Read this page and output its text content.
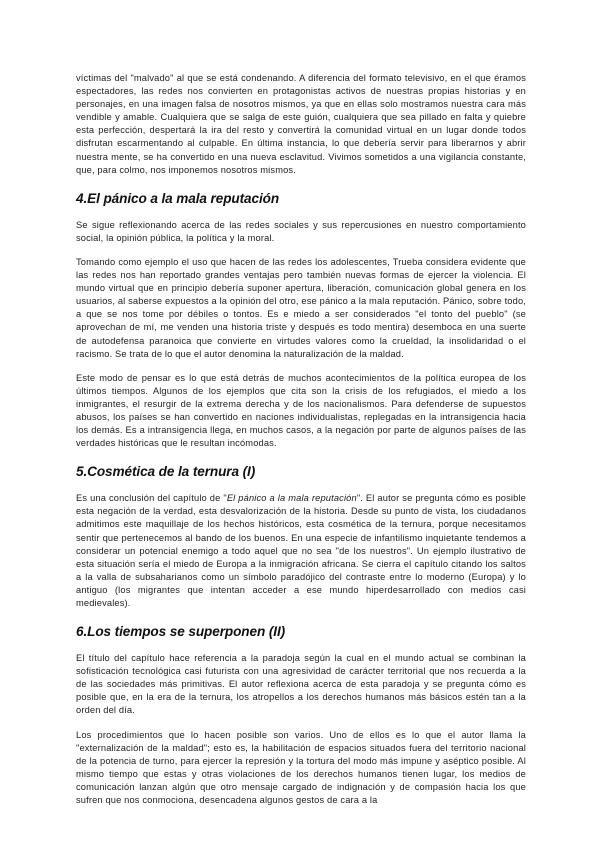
víctimas del "malvado" al que se está condenando. A diferencia del formato televisivo, en el que éramos espectadores, las redes nos convierten en protagonistas activos de nuestras propias historias y en personajes, en una imagen falsa de nosotros mismos, ya que en ellas solo mostramos nuestra cara más vendible y amable. Cualquiera que se salga de este guión, cualquiera que sea pillado en falta y quiebre esta perfección, despertará la ira del resto y convertirá la comunidad virtual en un lugar donde todos disfrutan escarmentando al culpable. En última instancia, lo que debería servir para liberarnos y abrir nuestra mente, se ha convertido en una nueva esclavitud. Vivimos sometidos a una vigilancia constante, que, para colmo, nos imponemos nosotros mismos.

4.El pánico a la mala reputación

Se sigue reflexionando acerca de las redes sociales y sus repercusiones en nuestro comportamiento social, la opinión pública, la política y la moral.

Tomando como ejemplo el uso que hacen de las redes los adolescentes, Trueba considera evidente que las redes nos han reportado grandes ventajas pero también nuevas formas de ejercer la violencia. El mundo virtual que en principio debería suponer apertura, liberación, comunicación global genera en los usuarios, al saberse expuestos a la opinión del otro, ese pánico a la mala reputación. Pánico, sobre todo, a que se nos tome por débiles o tontos. Es e miedo a ser considerados "el tonto del pueblo" (se aprovechan de mí, me venden una historia triste y después es todo mentira) desemboca en una suerte de autodefensa paranoica que convierte en virtudes valores como la crueldad, la insolidaridad o el racismo. Se trata de lo que el autor denomina la naturalización de la maldad.

Este modo de pensar es lo que está detrás de muchos acontecimientos de la política europea de los últimos tiempos. Algunos de los ejemplos que cita son la crisis de los refugiados, el miedo a los inmigrantes, el resurgir de la extrema derecha y de los nacionalismos. Para defenderse de supuestos abusos, los países se han convertido en naciones individualistas, replegadas en la intransigencia hacia los demás. Es a intransigencia llega, en muchos casos, a la negación por parte de algunos países de las verdades históricas que le resultan incómodas.

5.Cosmética de la ternura (I)

Es una conclusión del capítulo de "El pánico a la mala reputación". El autor se pregunta cómo es posible esta negación de la verdad, esta desvalorización de la historia. Desde su punto de vista, los ciudadanos admitimos este maquillaje de los hechos históricos, esta cosmética de la ternura, porque necesitamos sentir que pertenecemos al bando de los buenos. En una especie de infantilismo inquietante tendemos a considerar un potencial enemigo a todo aquel que no sea "de los nuestros". Un ejemplo ilustrativo de esta situación sería el miedo de Europa a la inmigración africana. Se cierra el capítulo citando los saltos a la valla de subsaharianos como un símbolo paradójico del contraste entre lo moderno (Europa) y lo antiguo (los migrantes que intentan acceder a ese mundo hiperdesarrollado con medios casi medievales).

6.Los tiempos se superponen (II)

El título del capítulo hace referencia a la paradoja según la cual en el mundo actual se combinan la sofisticación tecnológica casi futurista con una agresividad de carácter territorial que nos recuerda a la de las sociedades más primitivas. El autor reflexiona acerca de esta paradoja y se pregunta cómo es posible que, en la era de la ternura, los atropellos a los derechos humanos más básicos estén tan a la orden del día.

Los procedimientos que lo hacen posible son varios. Uno de ellos es lo que el autor llama la "externalización de la maldad"; esto es, la habilitación de espacios situados fuera del territorio nacional de la potencia de turno, para ejercer la represión y la tortura del modo más impune y aséptico posible. Al mismo tiempo que estas y otras violaciones de los derechos humanos tienen lugar, los medios de comunicación lanzan algún que otro mensaje cargado de indignación y de compasión hacia los que sufren que nos conmociona, desencadena algunos gestos de cara a la
